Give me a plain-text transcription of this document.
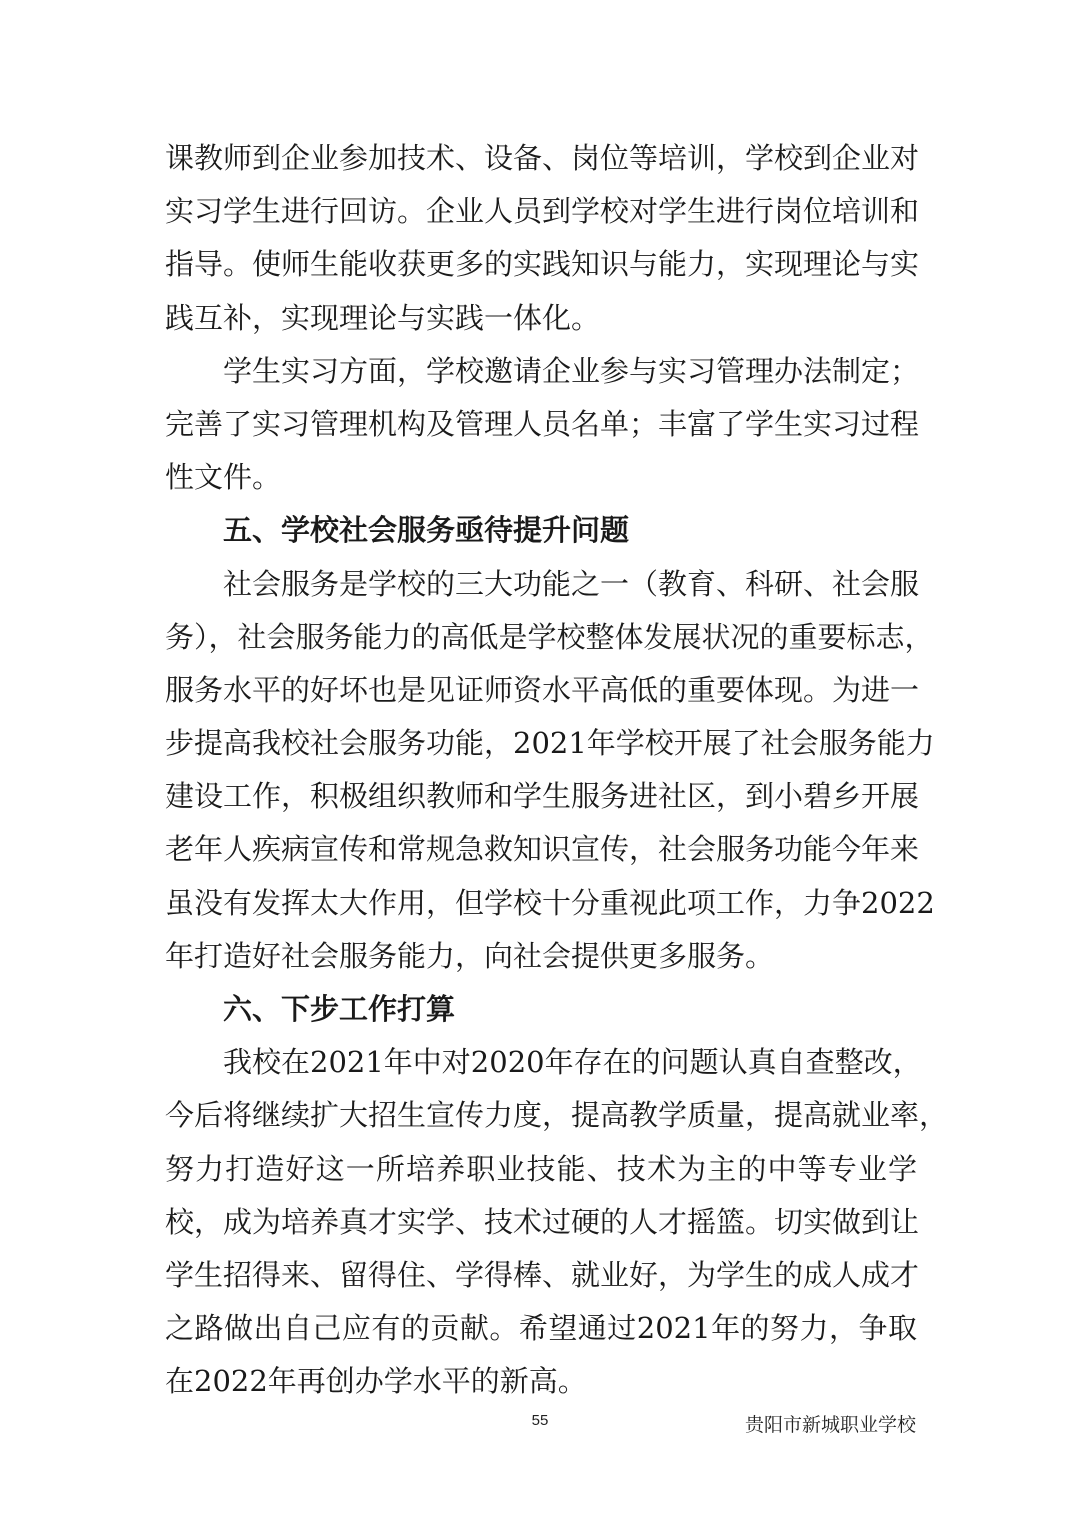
课教师到企业参加技术、设备、岗位等培训，学校到企业对
实习学生进行回访。企业人员到学校对学生进行岗位培训和
指导。使师生能收获更多的实践知识与能力，实现理论与实
践互补，实现理论与实践一体化。
学生实习方面，学校邀请企业参与实习管理办法制定；
完善了实习管理机构及管理人员名单；丰富了学生实习过程
性文件。
五、学校社会服务亟待提升问题
社会服务是学校的三大功能之一（教育、科研、社会服
务），社会服务能力的高低是学校整体发展状况的重要标志，
服务水平的好坏也是见证师资水平高低的重要体现。为进一
步提高我校社会服务功能，2021年学校开展了社会服务能力
建设工作，积极组织教师和学生服务进社区，到小碧乡开展
老年人疾病宣传和常规急救知识宣传，社会服务功能今年来
虽没有发挥太大作用，但学校十分重视此项工作，力争2022
年打造好社会服务能力，向社会提供更多服务。
六、下步工作打算
我校在2021年中对2020年存在的问题认真自查整改，
今后将继续扩大招生宣传力度，提高教学质量，提高就业率，
努力打造好这一所培养职业技能、技术为主的中等专业学
校，成为培养真才实学、技术过硬的人才摇篮。切实做到让
学生招得来、留得住、学得棒、就业好，为学生的成人成才
之路做出自己应有的贡献。希望通过2021年的努力，争取
在2022年再创办学水平的新高。
55	贵阳市新城职业学校
